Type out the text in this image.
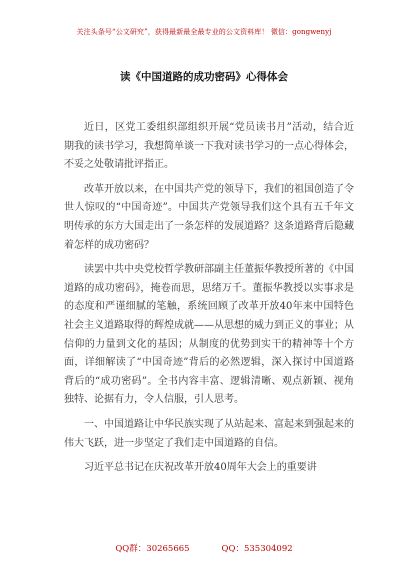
关注头条号“公文研究”，获得最新最全最专业的公文资料库！ 微信：gongwenyj
读《中国道路的成功密码》心得体会

近日，区党工委组织部组织开展“党员读书月”活动，结合近期我的读书学习，我想简单谈一下我对读书学习的一点心得体会，不妥之处敬请批评指正。

改革开放以来，在中国共产党的领导下，我们的祖国创造了令世人惊叹的“中国奇迹”。中国共产党领导我们这个具有五千年文明传承的东方大国走出了一条怎样的发展道路？这条道路背后隐藏着怎样的成功密码？

读罢中共中央党校哲学教研部副主任董振华教授所著的《中国道路的成功密码》，掩卷而思，思绪万千。董振华教授以实事求是的态度和严谨细腻的笔触，系统回顾了改革开放40年来中国特色社会主义道路取得的辉煌成就——从思想的威力到正义的事业；从信仰的力量到文化的基因；从制度的优势到实干的精神等十个方面，详细解读了“中国奇迹”背后的必然逻辑，深入探讨中国道路背后的“成功密码”。全书内容丰富、逻辑清晰、观点新颖、视角独特、论据有力，令人信服，引人思考。

一、中国道路让中华民族实现了从站起来、富起来到强起来的伟大飞跃，进一步坚定了我们走中国道路的自信。

习近平总书记在庆祝改革开放40周年大会上的重要讲

QQ群：30265665	QQ：535304092
